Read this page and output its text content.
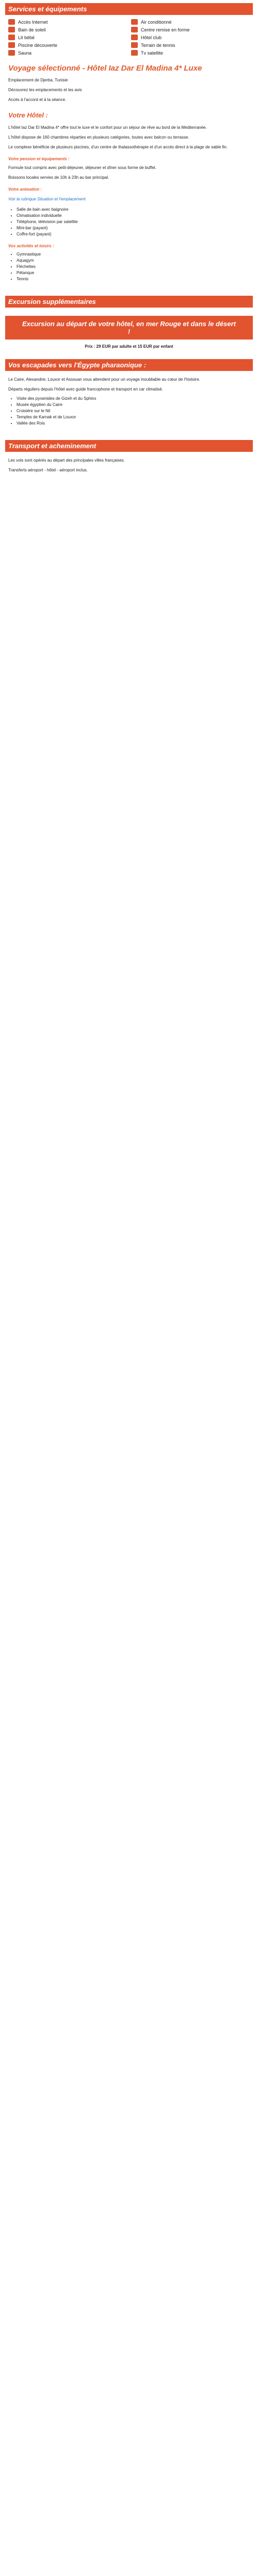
Services et équipements
Accès Internet	Air conditionné
Bain de soleil	Centre remise en forme
Lit bébé	Hôtel club
Piscine découverte	Terrain de tennis
Sauna	Tv satellite
Voyage sélectionné - Hôtel Iaz Dar El Madina 4* Luxe

Emplacement de Djerba, Tunisie

Découvrez les emplacements et les avis

Accès à l'accord et à la séance.

Votre Hôtel :

L'hôtel Iaz Dar El Madina 4* offre tout le luxe et le confort pour un séjour de rêve au bord de la Méditerranée.

L'hôtel dispose de 160 chambres réparties en plusieurs catégories, toutes avec balcon ou terrasse.

Le complexe bénéficie de plusieurs piscines, d'un centre de thalassothérapie et d'un accès direct à la plage de sable fin.

Votre pension et équipements :

Formule tout compris avec petit-déjeuner, déjeuner et dîner sous forme de buffet.

Boissons locales servies de 10h à 23h au bar principal.

Votre animation :
Voir la rubrique Situation et l'emplacement
• Salle de bain avec baignoire
• Climatisation individuelle
• Téléphone, télévision par satellite
• Mini-bar (payant)
• Coffre-fort (payant)
Vos activités et loisirs :
• Gymnastique
• Aquagym
• Fléchettes
• Pétanque
• Tennis
Excursion supplémentaires
Excursion au départ de votre hôtel, en mer Rouge et dans le désert !
Prix : 29 EUR par adulte et 15 EUR par enfant
Vos escapades vers l'Égypte pharaonique :

Le Caire, Alexandrie, Louxor et Assouan vous attendent pour un voyage inoubliable au cœur de l'histoire.

Départs réguliers depuis l'hôtel avec guide francophone et transport en car climatisé.

• Visite des pyramides de Gizeh et du Sphinx
• Musée égyptien du Caire
• Croisière sur le Nil
• Temples de Karnak et de Louxor
• Vallée des Rois
Transport et acheminement

Les vols sont opérés au départ des principales villes françaises.

Transferts aéroport - hôtel - aéroport inclus.
